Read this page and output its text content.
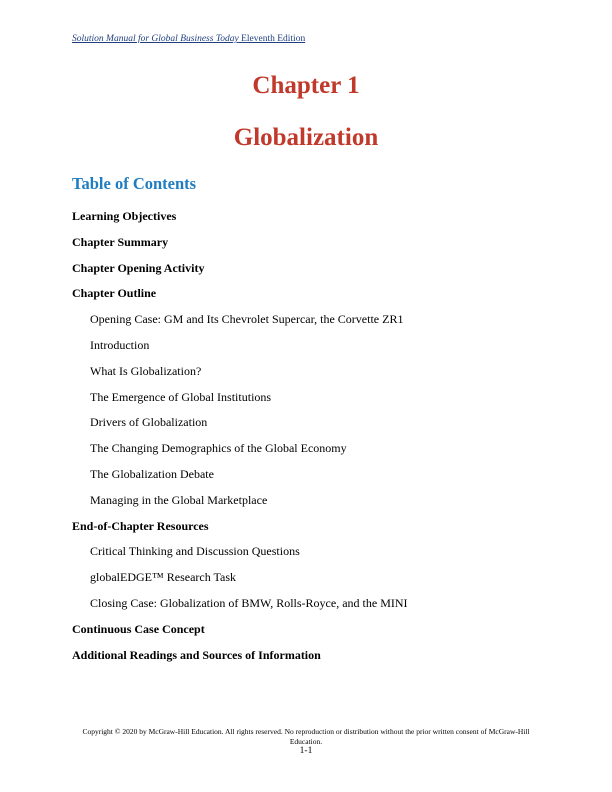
Solution Manual for Global Business Today Eleventh Edition
Chapter 1
Globalization
Table of Contents
Learning Objectives
Chapter Summary
Chapter Opening Activity
Chapter Outline
Opening Case: GM and Its Chevrolet Supercar, the Corvette ZR1
Introduction
What Is Globalization?
The Emergence of Global Institutions
Drivers of Globalization
The Changing Demographics of the Global Economy
The Globalization Debate
Managing in the Global Marketplace
End-of-Chapter Resources
Critical Thinking and Discussion Questions
globalEDGE™ Research Task
Closing Case: Globalization of BMW, Rolls-Royce, and the MINI
Continuous Case Concept
Additional Readings and Sources of Information
Copyright © 2020 by McGraw-Hill Education. All rights reserved. No reproduction or distribution without the prior written consent of McGraw-Hill Education.
1-1
